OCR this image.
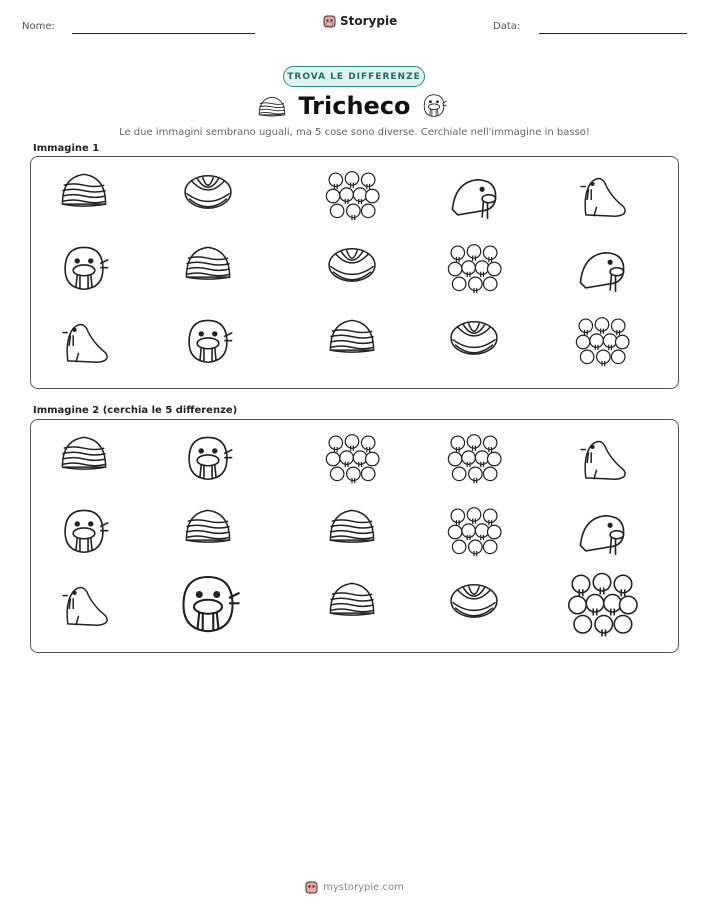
Nome:	Storypie	Data:
TROVA LE DIFFERENZE
Tricheco
Le due immagini sembrano uguali, ma 5 cose sono diverse. Cerchiale nell'immagine in basso!
Immagine 1
Immagine 2 (cerchia le 5 differenze)
mystorypie.com
